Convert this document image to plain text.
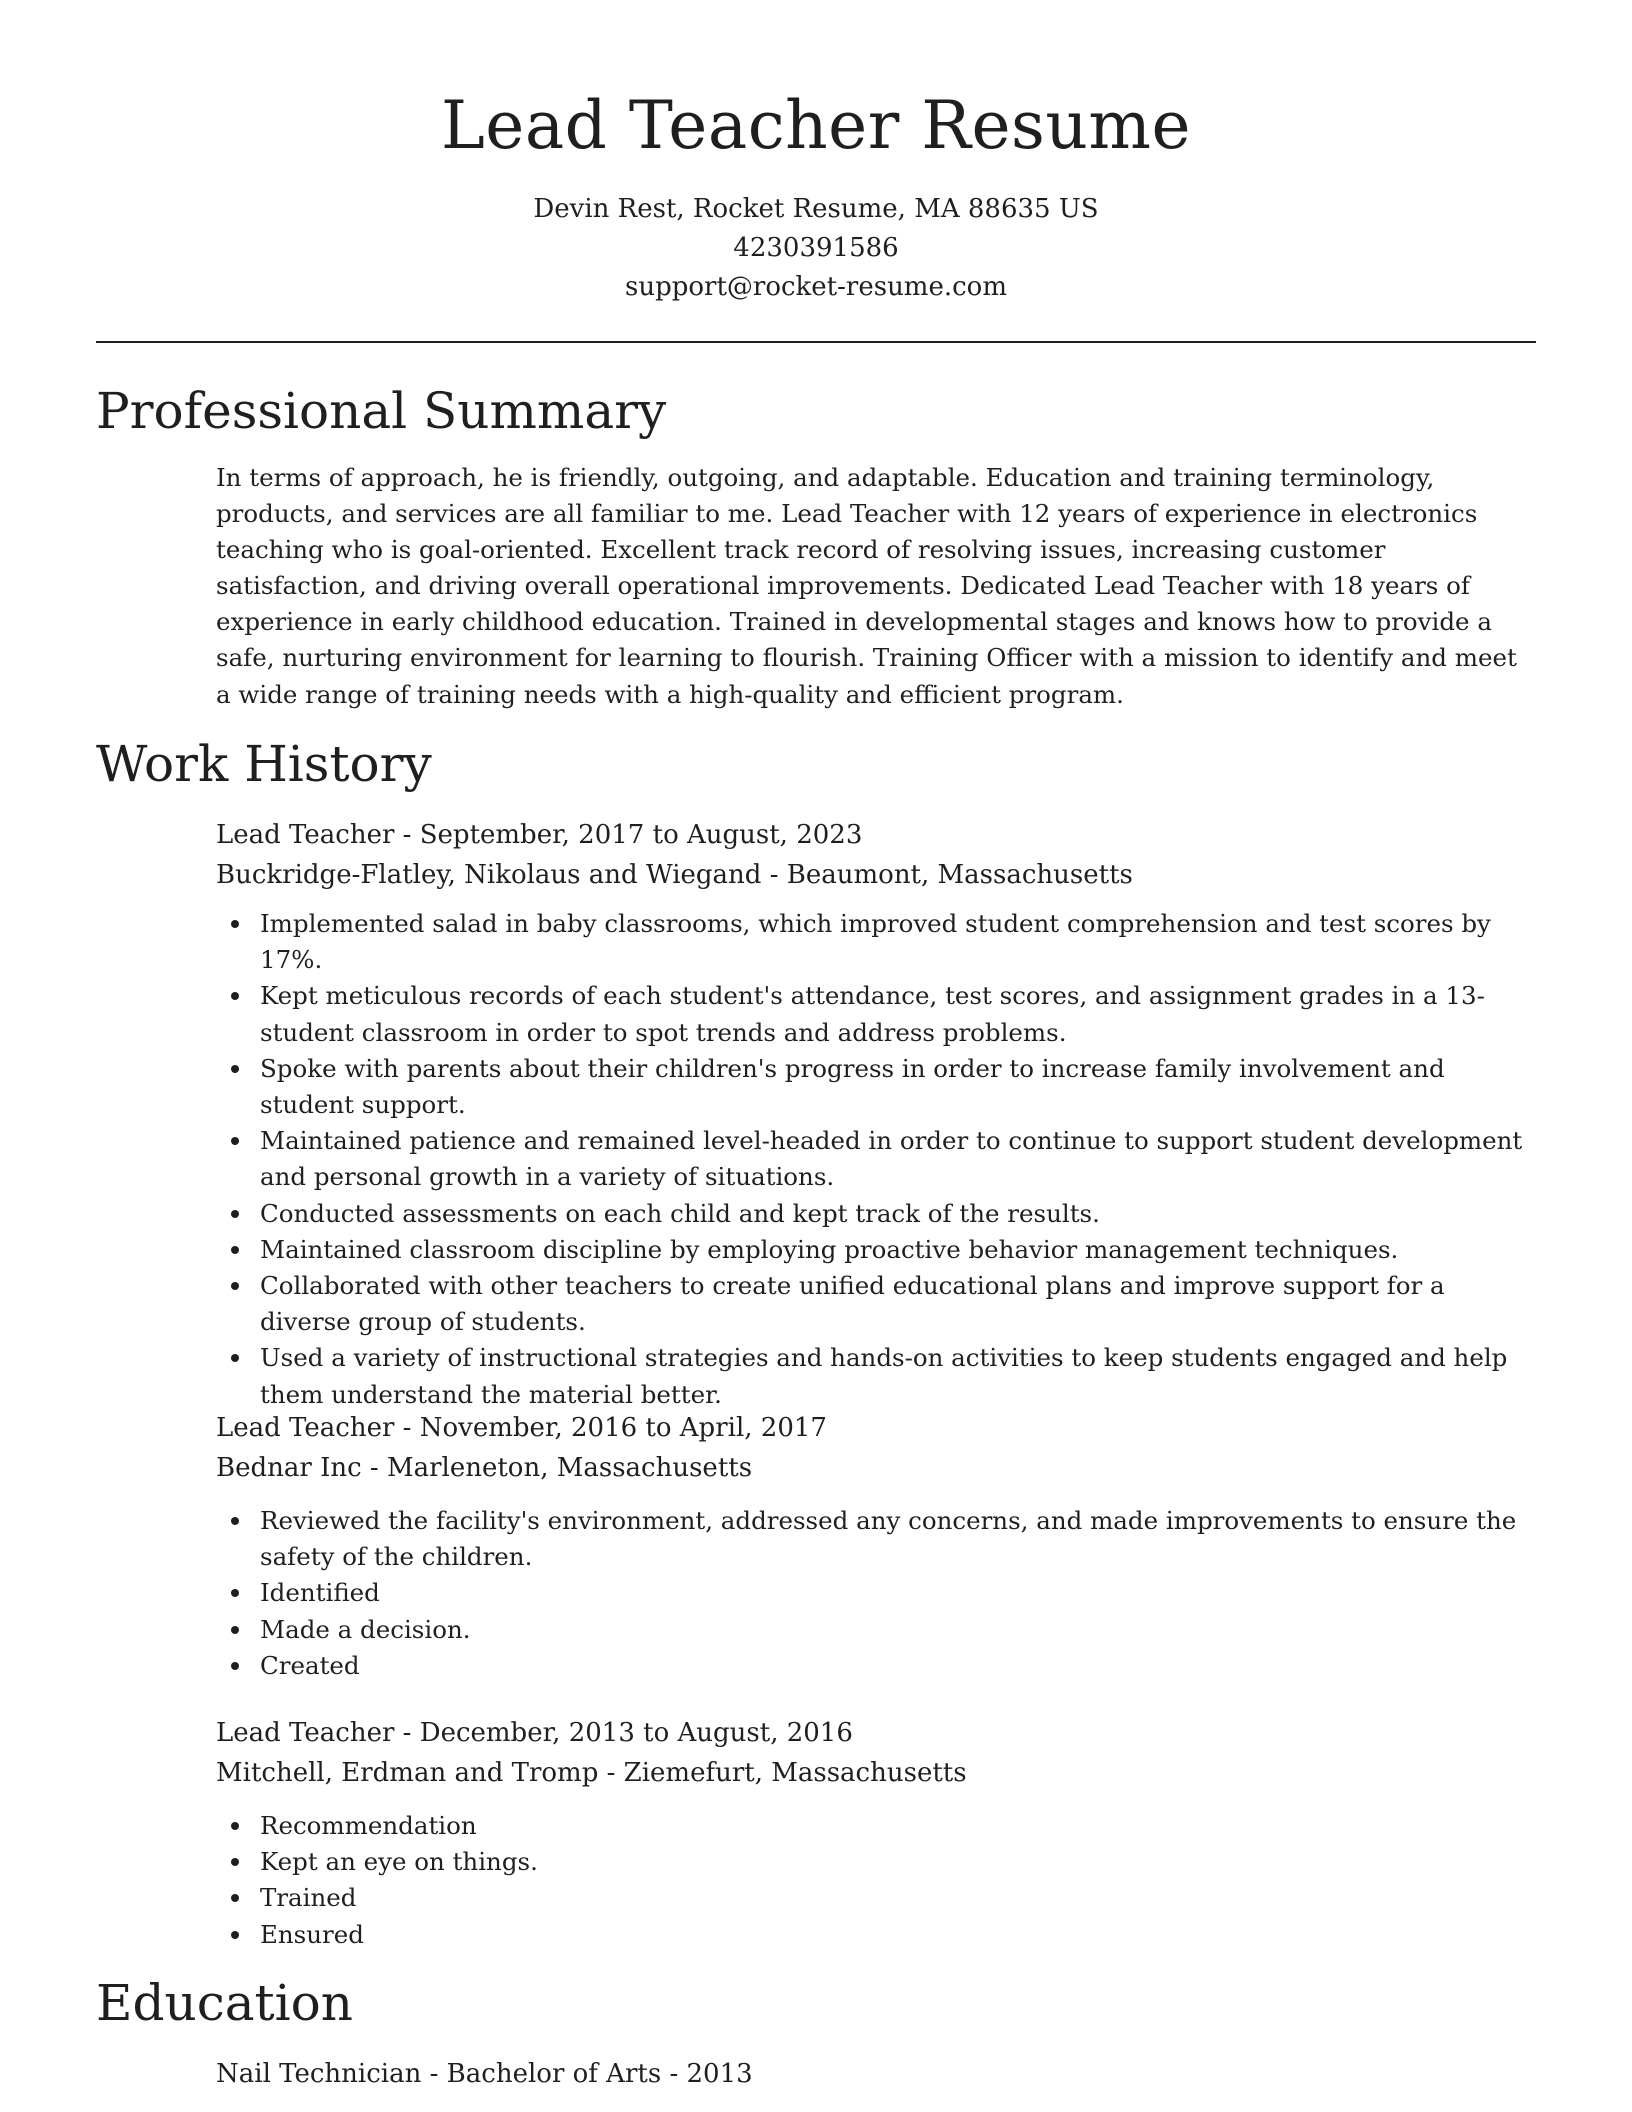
Lead Teacher Resume
Devin Rest, Rocket Resume, MA 88635 US
4230391586
support@rocket-resume.com
Professional Summary

In terms of approach, he is friendly, outgoing, and adaptable. Education and training terminology, products, and services are all familiar to me. Lead Teacher with 12 years of experience in electronics teaching who is goal-oriented. Excellent track record of resolving issues, increasing customer satisfaction, and driving overall operational improvements. Dedicated Lead Teacher with 18 years of experience in early childhood education. Trained in developmental stages and knows how to provide a safe, nurturing environment for learning to flourish. Training Officer with a mission to identify and meet a wide range of training needs with a high-quality and efficient program.

Work History
Lead Teacher - September, 2017 to August, 2023
Buckridge-Flatley, Nikolaus and Wiegand - Beaumont, Massachusetts
Implemented salad in baby classrooms, which improved student comprehension and test scores by 17%.
Kept meticulous records of each student's attendance, test scores, and assignment grades in a 13-student classroom in order to spot trends and address problems.
Spoke with parents about their children's progress in order to increase family involvement and student support.
Maintained patience and remained level-headed in order to continue to support student development and personal growth in a variety of situations.
Conducted assessments on each child and kept track of the results.
Maintained classroom discipline by employing proactive behavior management techniques.
Collaborated with other teachers to create unified educational plans and improve support for a diverse group of students.
Used a variety of instructional strategies and hands-on activities to keep students engaged and help them understand the material better.
Lead Teacher - November, 2016 to April, 2017
Bednar Inc - Marleneton, Massachusetts
Reviewed the facility's environment, addressed any concerns, and made improvements to ensure the safety of the children.
Identified
Made a decision.
Created
Lead Teacher - December, 2013 to August, 2016
Mitchell, Erdman and Tromp - Ziemefurt, Massachusetts
Recommendation
Kept an eye on things.
Trained
Ensured
Education
Nail Technician - Bachelor of Arts - 2013
